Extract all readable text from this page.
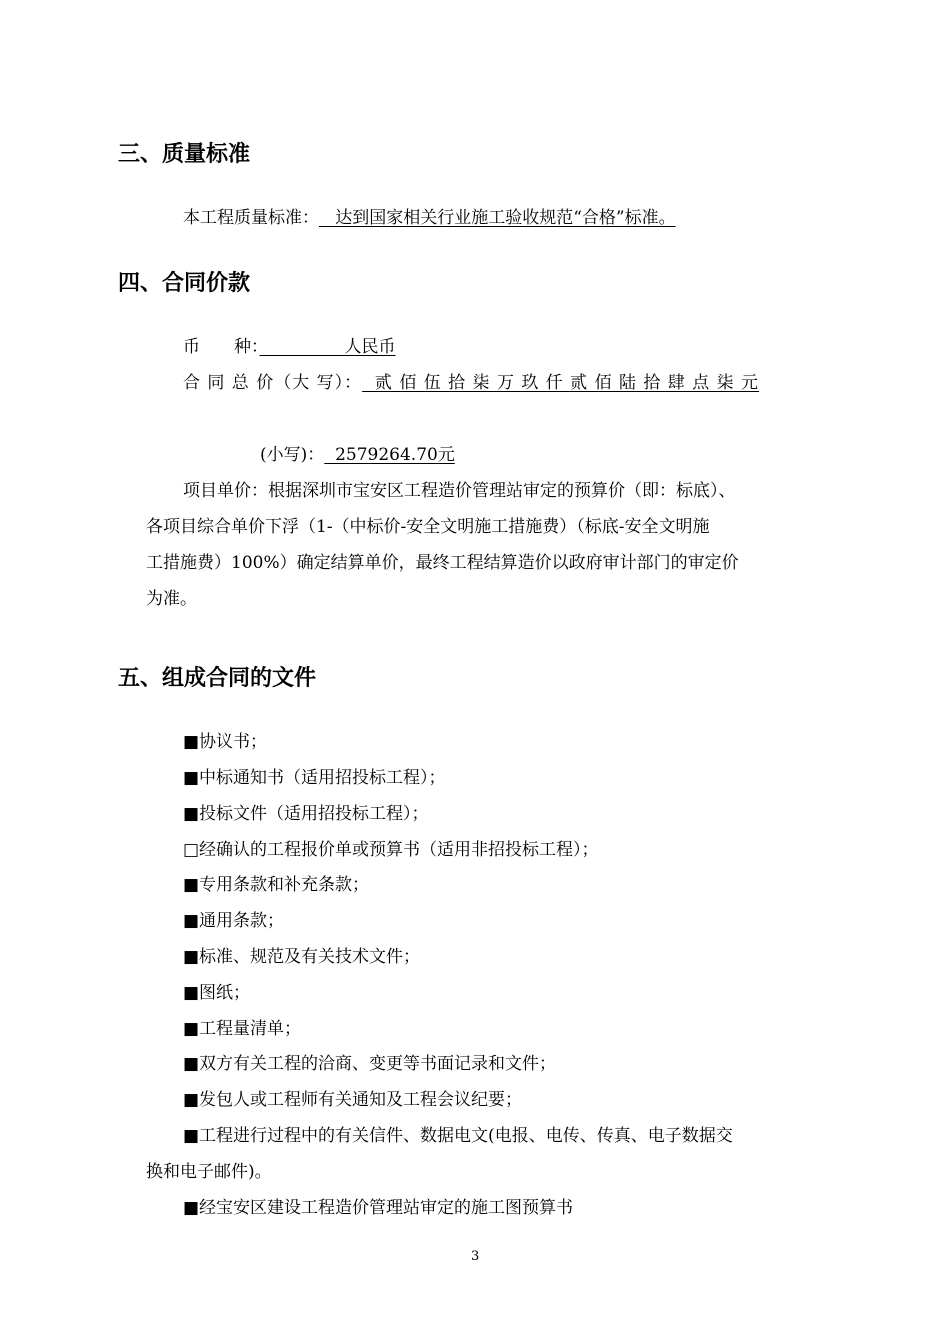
三、质量标准
本工程质量标准：   达到国家相关行业施工验收规范“合格”标准。
四、合同价款
币　　种：　　　　　人民币
合 同 总 价（大 写）：  贰 佰 伍 拾 柒 万 玖 仟 贰 佰 陆 拾 肆 点 柒 元
(小写)：  2579264.70元
项目单价：根据深圳市宝安区工程造价管理站审定的预算价（即：标底）、
各项目综合单价下浮（1-（中标价-安全文明施工措施费）（标底-安全文明施
工措施费）100%）确定结算单价，最终工程结算造价以政府审计部门的审定价
为准。
五、组成合同的文件
■协议书；
■中标通知书（适用招投标工程）；
■投标文件（适用招投标工程）；
□经确认的工程报价单或预算书（适用非招投标工程）；
■专用条款和补充条款；
■通用条款；
■标准、规范及有关技术文件；
■图纸；
■工程量清单；
■双方有关工程的洽商、变更等书面记录和文件；
■发包人或工程师有关通知及工程会议纪要；
■工程进行过程中的有关信件、数据电文(电报、电传、传真、电子数据交
换和电子邮件)。
■经宝安区建设工程造价管理站审定的施工图预算书
3
